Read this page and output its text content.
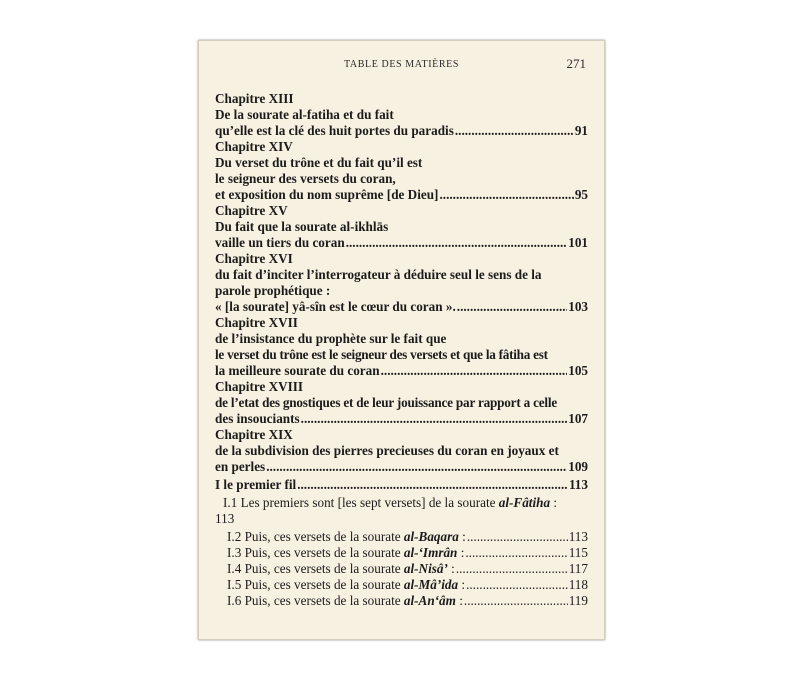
TABLE DES MATIÈRES	271
Chapitre XIII
De la sourate al-fatiha et du fait
qu’elle est la clé des huit portes du paradis .....	91
Chapitre XIV
Du verset du trône et du fait qu’il est
le seigneur des versets du coran,
et exposition du nom suprême [de Dieu] .....	95
Chapitre XV
Du fait que la sourate al-ikhlās
vaille un tiers du coran .....	101
Chapitre XVI
du fait d’inciter l’interrogateur à déduire seul le sens de la
parole prophétique :
« [la sourate] yâ-sîn est le cœur du coran ». .....	103
Chapitre XVII
de l’insistance du prophète sur le fait que
le verset du trône est le seigneur des versets et que la fâtiha est
la meilleure sourate du coran .....	105
Chapitre XVIII
de l’etat des gnostiques et de leur jouissance par rapport a celle
des insouciants .....	107
Chapitre XIX
de la subdivision des pierres precieuses du coran en joyaux et
en perles .....	109
I le premier fil .....	113
I.1 Les premiers sont [les sept versets] de la sourate al-Fâtiha :
113
I.2 Puis, ces versets de la sourate al-Baqara : .....	113
I.3 Puis, ces versets de la sourate al-‘Imrân : .....	115
I.4 Puis, ces versets de la sourate al-Nisâ’ : .....	117
I.5 Puis, ces versets de la sourate al-Mâ’ida : .....	118
I.6 Puis, ces versets de la sourate al-An‘âm : .....	119
